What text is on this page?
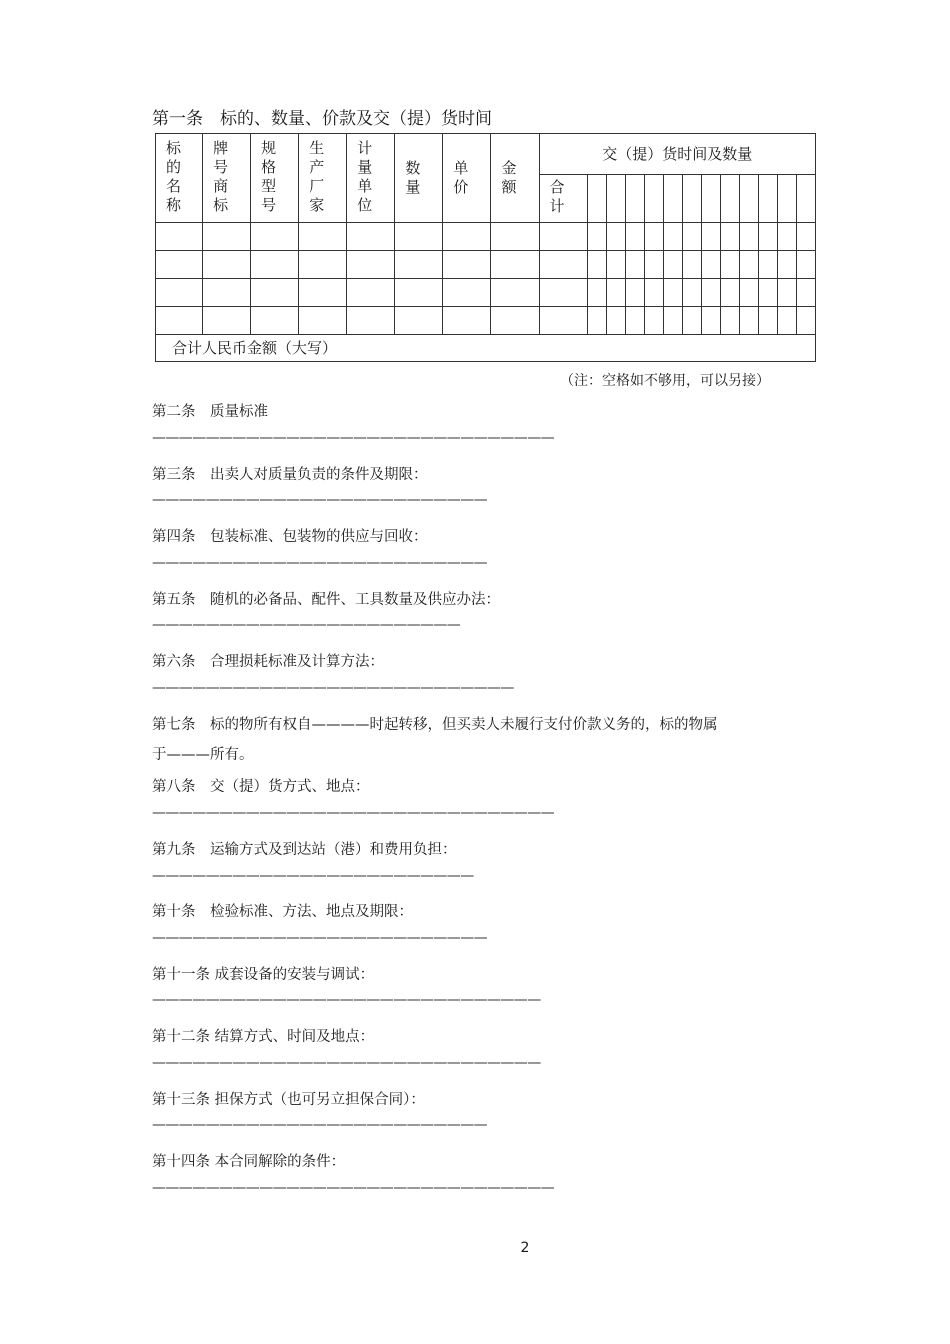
第一条　标的、数量、价款及交（提）货时间
标的名称	牌号商标	规格型号	生产厂家	计量单位	数量	单价	金额	交（提）货时间及数量												

								合计												

合计人民币金额（大写）																				
（注：空格如不够用，可以另接）
第二条　质量标准
——————————————————————————————
第三条　出卖人对质量负责的条件及期限：
—————————————————————————
第四条　包装标准、包装物的供应与回收：
—————————————————————————
第五条　随机的必备品、配件、工具数量及供应办法：
———————————————————————
第六条　合理损耗标准及计算方法：
———————————————————————————
第七条　标的物所有权自————时起转移，但买卖人未履行支付价款义务的，标的物属
于———所有。
第八条　交（提）货方式、地点：
——————————————————————————————
第九条　运输方式及到达站（港）和费用负担：
————————————————————————
第十条　检验标准、方法、地点及期限：
—————————————————————————
第十一条 成套设备的安装与调试：
—————————————————————————————
第十二条 结算方式、时间及地点：
—————————————————————————————
第十三条 担保方式（也可另立担保合同）：
—————————————————————————
第十四条 本合同解除的条件：
——————————————————————————————
2
